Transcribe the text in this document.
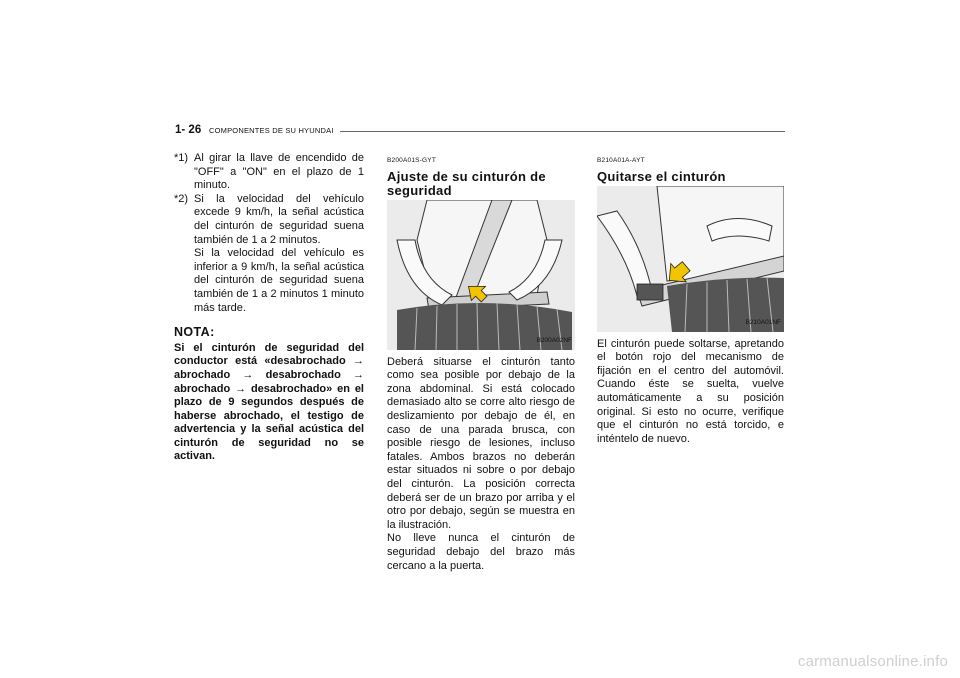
1- 26 COMPONENTES DE SU HYUNDAI
*1) Al girar la llave de encendido de "OFF" a "ON" en el plazo de 1 minuto.

*2) Si la velocidad del vehículo excede 9 km/h, la señal acústica del cinturón de seguridad suena también de 1 a 2 minutos.

Si la velocidad del vehículo es inferior a 9 km/h, la señal acústica del cinturón de seguridad suena también de 1 a 2 minutos 1 minuto más tarde.

NOTA:

Si el cinturón de seguridad del conductor está «desabrochado → abrochado → desabrochado → abrochado → desabrochado» en el plazo de 9 segundos después de haberse abrochado, el testigo de advertencia y la señal acústica del cinturón de seguridad no se activan.

B200A01S-GYT
Ajuste de su cinturón de seguridad
B200A02NF

Deberá situarse el cinturón tanto como sea posible por debajo de la zona abdominal. Si está colocado demasiado alto se corre alto riesgo de deslizamiento por debajo de él, en caso de una parada brusca, con posible riesgo de lesiones, incluso fatales. Ambos brazos no deberán estar situados ni sobre o por debajo del cinturón. La posición correcta deberá ser de un brazo por arriba y el otro por debajo, según se muestra en la ilustración.
No lleve nunca el cinturón de seguridad debajo del brazo más cercano a la puerta.

B210A01A-AYT
Quitarse el cinturón
B210A01NF

El cinturón puede soltarse, apretando el botón rojo del mecanismo de fijación en el centro del automóvil. Cuando éste se suelta, vuelve automáticamente a su posición original. Si esto no ocurre, verifique que el cinturón no está torcido, e inténtelo de nuevo.

carmanualsonline.info
